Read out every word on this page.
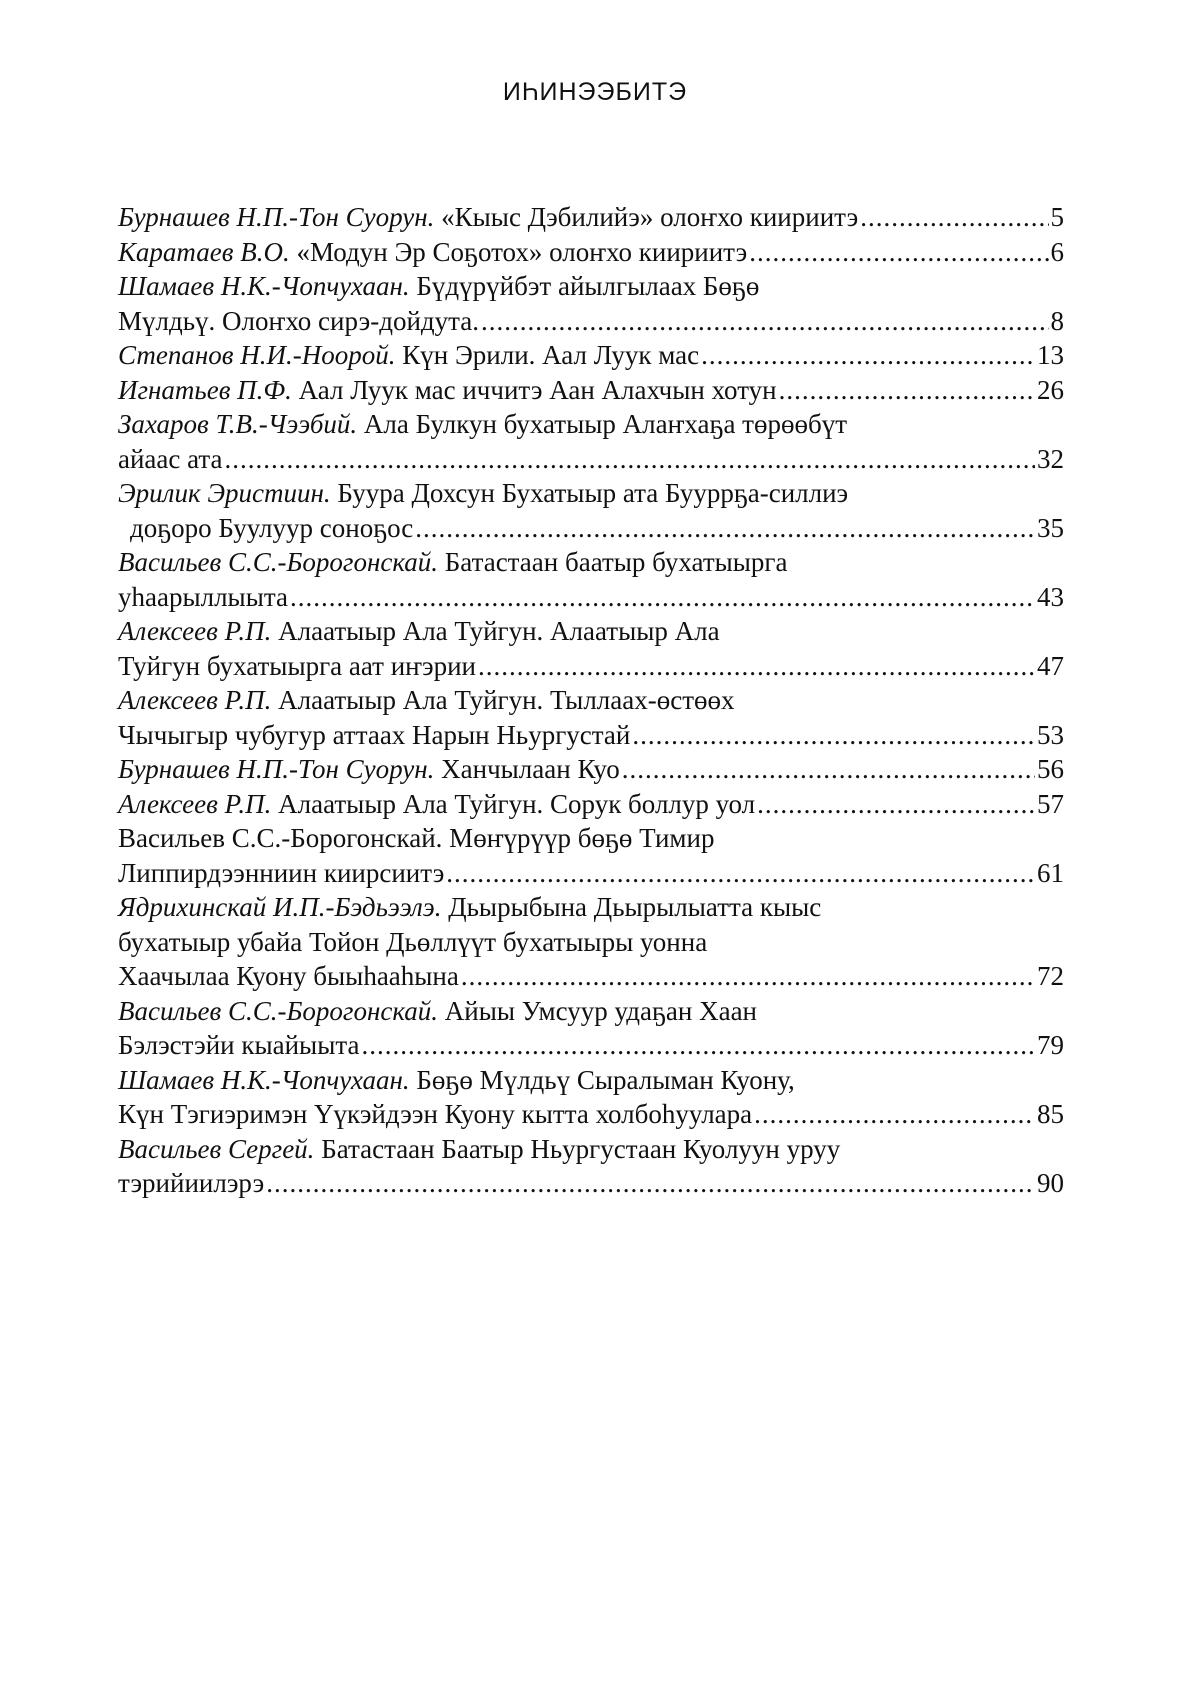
ИҺИНЭЭБИТЭ
Бурнашев Н.П.-Тон Суорун. «Кыыс Дэбилийэ» олоҥхо киириитэ .....	5
Каратаев В.О. «Модун Эр Соҕотох» олоҥхо киириитэ .....	6
Шамаев Н.К.-Чопчухаан. Бүдүрүйбэт айылгылаах Бөҕө
Мүлдьү. Олоҥхо сирэ-дойдута. .....	8
Степанов Н.И.-Ноорой. Күн Эрили. Аал Луук мас .....	13
Игнатьев П.Ф. Аал Луук мас иччитэ Аан Алахчын хотун .....	26
Захаров Т.В.-Чээбий. Ала Булкун бухатыыр Алаҥхаҕа төрөөбүт
айаас ата .....	32
Эрилик Эристиин. Буура Дохсун Бухатыыр ата Бууррҕа-силлиэ
доҕоро Буулуур соноҕос .....	35
Васильев С.С.-Борогонскай. Батастаан баатыр бухатыырга
уһаарыллыыта .....	43
Алексеев Р.П. Алаатыыр Ала Туйгун. Алаатыыр Ала
Туйгун бухатыырга аат иҥэрии .....	47
Алексеев Р.П. Алаатыыр Ала Туйгун. Тыллаах-өстөөх
Чычыгыр чубугур аттаах Нарын Ньургустай .....	53
Бурнашев Н.П.-Тон Суорун. Ханчылаан Куо .....	56
Алексеев Р.П. Алаатыыр Ала Туйгун. Сорук боллур уол .....	57
Васильев С.С.-Борогонскай. Мөҥүрүүр бөҕө Тимир
Липпирдээнниин киирсиитэ .....	61
Ядрихинскай И.П.-Бэдьээлэ. Дьырыбына Дьырылыатта кыыс
бухатыыр убайа Тойон Дьөллүүт бухатыыры уонна
Хаачылаа Куону быыһааһына .....	72
Васильев С.С.-Борогонскай. Айыы Умсуур удаҕан Хаан
Бэлэстэйи кыайыыта .....	79
Шамаев Н.К.-Чопчухаан. Бөҕө Мүлдьү Сыралыман Куону,
Күн Тэгиэримэн Үүкэйдээн Куону кытта холбоһуулара .....	85
Васильев Сергей. Батастаан Баатыр Ньургустаан Куолуун уруу
тэрийиилэрэ .....	90
